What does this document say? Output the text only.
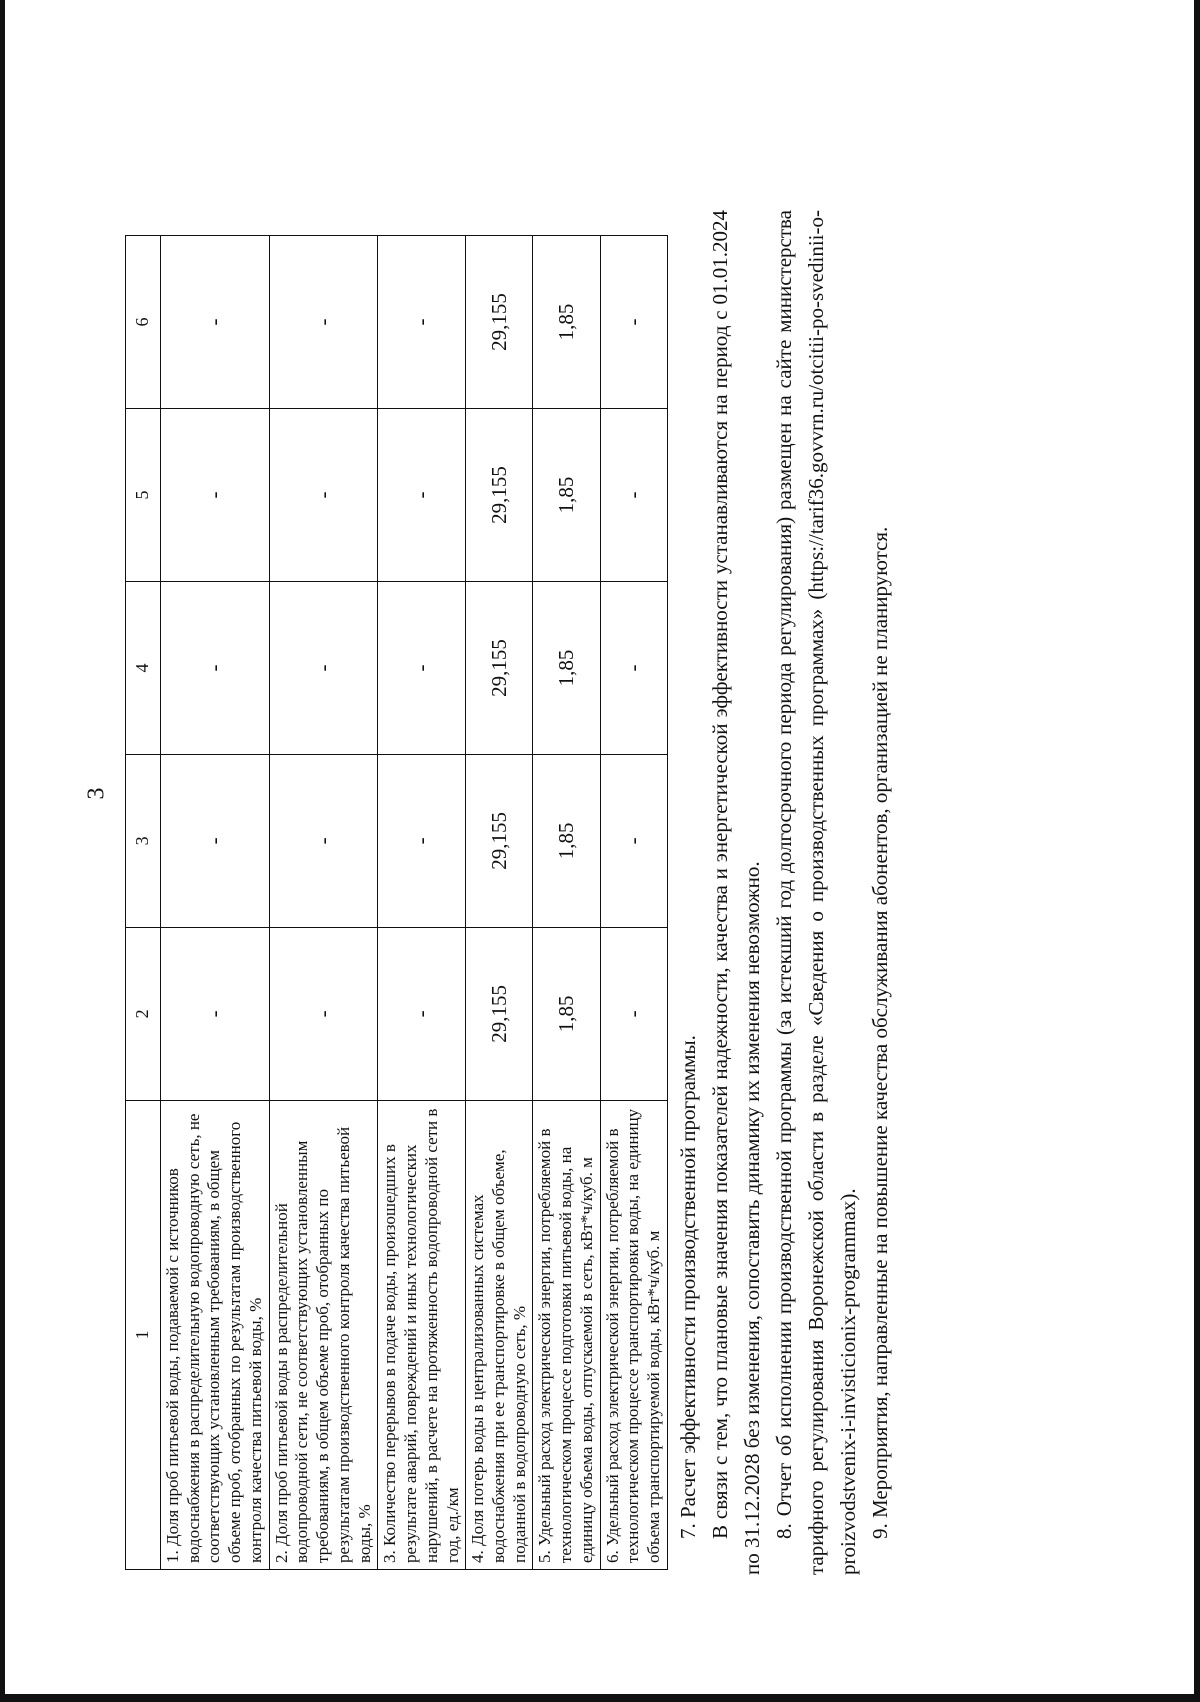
3
1	2	3	4	5	6
1. Доля проб питьевой воды, подаваемой с источников водоснабжения в распределительную водопроводную сеть, не соответствующих установленным требованиям, в общем объеме проб, отобранных по результатам производственного контроля качества питьевой воды, %	-	-	-	-	-
2. Доля проб питьевой воды в распределительной водопроводной сети, не соответствующих установленным требованиям, в общем объеме проб, отобранных по результатам производственного контроля качества питьевой воды, %	-	-	-	-	-
3. Количество перерывов в подаче воды, произошедших в результате аварий, повреждений и иных технологических нарушений, в расчете на протяженность водопроводной сети в год, ед./км	-	-	-	-	-
4. Доля потерь воды в централизованных системах водоснабжения при ее транспортировке в общем объеме, поданной в водопроводную сеть, %	29,155	29,155	29,155	29,155	29,155
5. Удельный расход электрической энергии, потребляемой в технологическом процессе подготовки питьевой воды, на единицу объема воды, отпускаемой в сеть, кВт*ч/куб. м	1,85	1,85	1,85	1,85	1,85
6. Удельный расход электрической энергии, потребляемой в технологическом процессе транспортировки воды, на единицу объема транспортируемой воды, кВт*ч/куб. м	-	-	-	-	-

7. Расчет эффективности производственной программы. В связи с тем, что плановые значения показателей надежности, качества и энергетической эффективности устанавливаются на период с 01.01.2024 по 31.12.2028 без изменения, сопоставить динамику их изменения невозможно. 8. Отчет об исполнении производственной программы (за истекший год долгосрочного периода регулирования) размещен на сайте министерства тарифного регулирования Воронежской области в разделе «Сведения о производственных программах» (https://tarif36.govvrn.ru/otcitii-po-svedinii-o-proizvodstvenix-i-invisticionix-programmax). 9. Мероприятия, направленные на повышение качества обслуживания абонентов, организацией не планируются.
